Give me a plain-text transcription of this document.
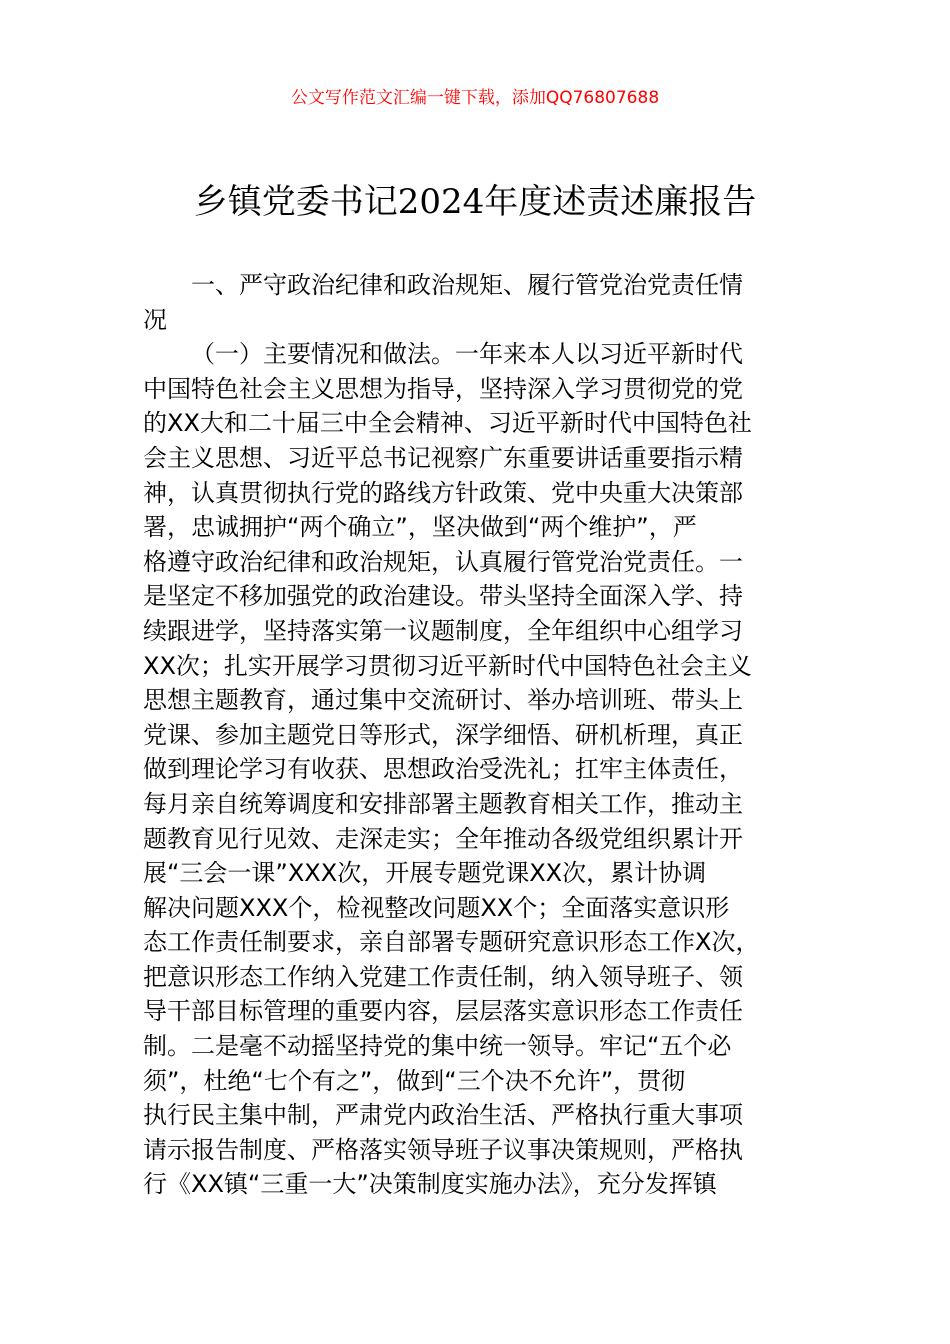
公文写作范文汇编一键下载，添加QQ76807688
乡镇党委书记2024年度述责述廉报告
一、严守政治纪律和政治规矩、履行管党治党责任情
况
（一）主要情况和做法。一年来本人以习近平新时代
中国特色社会主义思想为指导，坚持深入学习贯彻党的党
的XX大和二十届三中全会精神、习近平新时代中国特色社
会主义思想、习近平总书记视察广东重要讲话重要指示精
神，认真贯彻执行党的路线方针政策、党中央重大决策部
署，忠诚拥护“两个确立”，坚决做到“两个维护”，严
格遵守政治纪律和政治规矩，认真履行管党治党责任。一
是坚定不移加强党的政治建设。带头坚持全面深入学、持
续跟进学，坚持落实第一议题制度，全年组织中心组学习
XX次；扎实开展学习贯彻习近平新时代中国特色社会主义
思想主题教育，通过集中交流研讨、举办培训班、带头上
党课、参加主题党日等形式，深学细悟、研机析理，真正
做到理论学习有收获、思想政治受洗礼；扛牢主体责任，
每月亲自统筹调度和安排部署主题教育相关工作，推动主
题教育见行见效、走深走实；全年推动各级党组织累计开
展“三会一课”XXX次，开展专题党课XX次，累计协调
解决问题XXX个，检视整改问题XX个；全面落实意识形
态工作责任制要求，亲自部署专题研究意识形态工作X次，
把意识形态工作纳入党建工作责任制，纳入领导班子、领
导干部目标管理的重要内容，层层落实意识形态工作责任
制。二是毫不动摇坚持党的集中统一领导。牢记“五个必
须”，杜绝“七个有之”，做到“三个决不允许”，贯彻
执行民主集中制，严肃党内政治生活、严格执行重大事项
请示报告制度、严格落实领导班子议事决策规则，严格执
行《XX镇“三重一大”决策制度实施办法》，充分发挥镇
